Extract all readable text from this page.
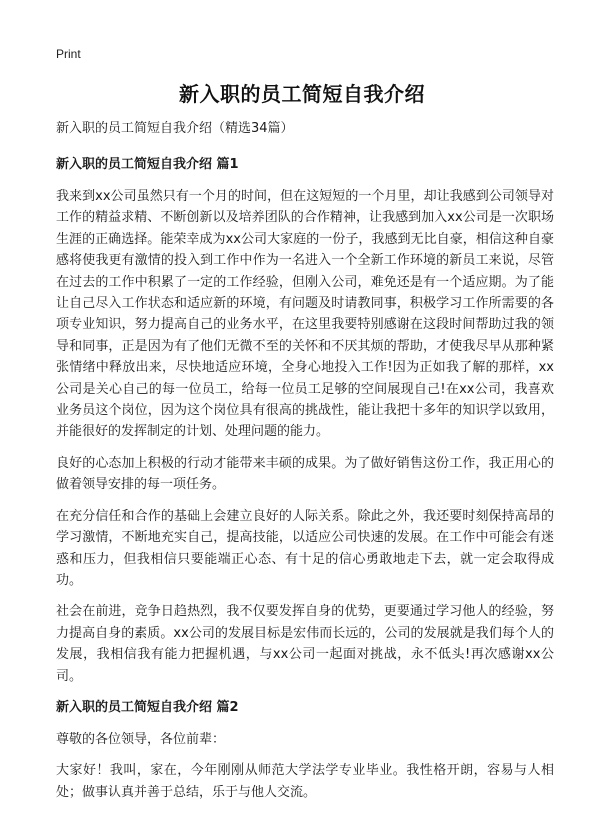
Print
新入职的员工简短自我介绍
新入职的员工简短自我介绍（精选34篇）
新入职的员工简短自我介绍 篇1

我来到xx公司虽然只有一个月的时间，但在这短短的一个月里，却让我感到公司领导对工作的精益求精、不断创新以及培养团队的合作精神，让我感到加入xx公司是一次职场生涯的正确选择。能荣幸成为xx公司大家庭的一份子，我感到无比自豪，相信这种自豪感将使我更有激情的投入到工作中作为一名进入一个全新工作环境的新员工来说，尽管在过去的工作中积累了一定的工作经验，但刚入公司，难免还是有一个适应期。为了能让自己尽入工作状态和适应新的环境，有问题及时请教同事，积极学习工作所需要的各项专业知识，努力提高自己的业务水平，在这里我要特别感谢在这段时间帮助过我的领导和同事，正是因为有了他们无微不至的关怀和不厌其烦的帮助，才使我尽早从那种紧张情绪中释放出来，尽快地适应环境，全身心地投入工作!因为正如我了解的那样，xx公司是关心自己的每一位员工，给每一位员工足够的空间展现自己!在xx公司，我喜欢业务员这个岗位，因为这个岗位具有很高的挑战性，能让我把十多年的知识学以致用，并能很好的发挥制定的计划、处理问题的能力。

良好的心态加上积极的行动才能带来丰硕的成果。为了做好销售这份工作，我正用心的做着领导安排的每一项任务。

在充分信任和合作的基础上会建立良好的人际关系。除此之外，我还要时刻保持高昂的学习激情，不断地充实自己，提高技能，以适应公司快速的发展。在工作中可能会有迷惑和压力，但我相信只要能端正心态、有十足的信心勇敢地走下去，就一定会取得成功。

社会在前进，竞争日趋热烈，我不仅要发挥自身的优势，更要通过学习他人的经验，努力提高自身的素质。xx公司的发展目标是宏伟而长远的，公司的发展就是我们每个人的发展，我相信我有能力把握机遇，与xx公司一起面对挑战，永不低头!再次感谢xx公司。

新入职的员工简短自我介绍 篇2

尊敬的各位领导，各位前辈：

大家好！我叫，家在，今年刚刚从师范大学法学专业毕业。我性格开朗，容易与人相处；做事认真并善于总结，乐于与他人交流。
